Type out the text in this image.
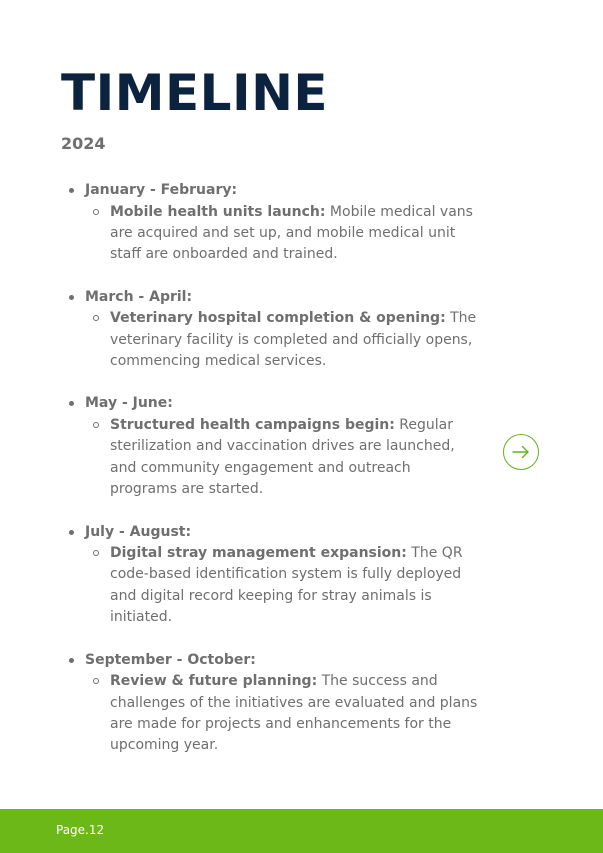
TIMELINE
2024
January - February:

Mobile health units launch: Mobile medical vans are acquired and set up, and mobile medical unit staff are onboarded and trained.

March - April:

Veterinary hospital completion & opening: The veterinary facility is completed and officially opens, commencing medical services.

May - June:

Structured health campaigns begin: Regular sterilization and vaccination drives are launched, and community engagement and outreach programs are started.

July - August:

Digital stray management expansion: The QR code-based identification system is fully deployed and digital record keeping for stray animals is initiated.

September - October:

Review & future planning: The success and challenges of the initiatives are evaluated and plans are made for projects and enhancements for the upcoming year.

Page.12
